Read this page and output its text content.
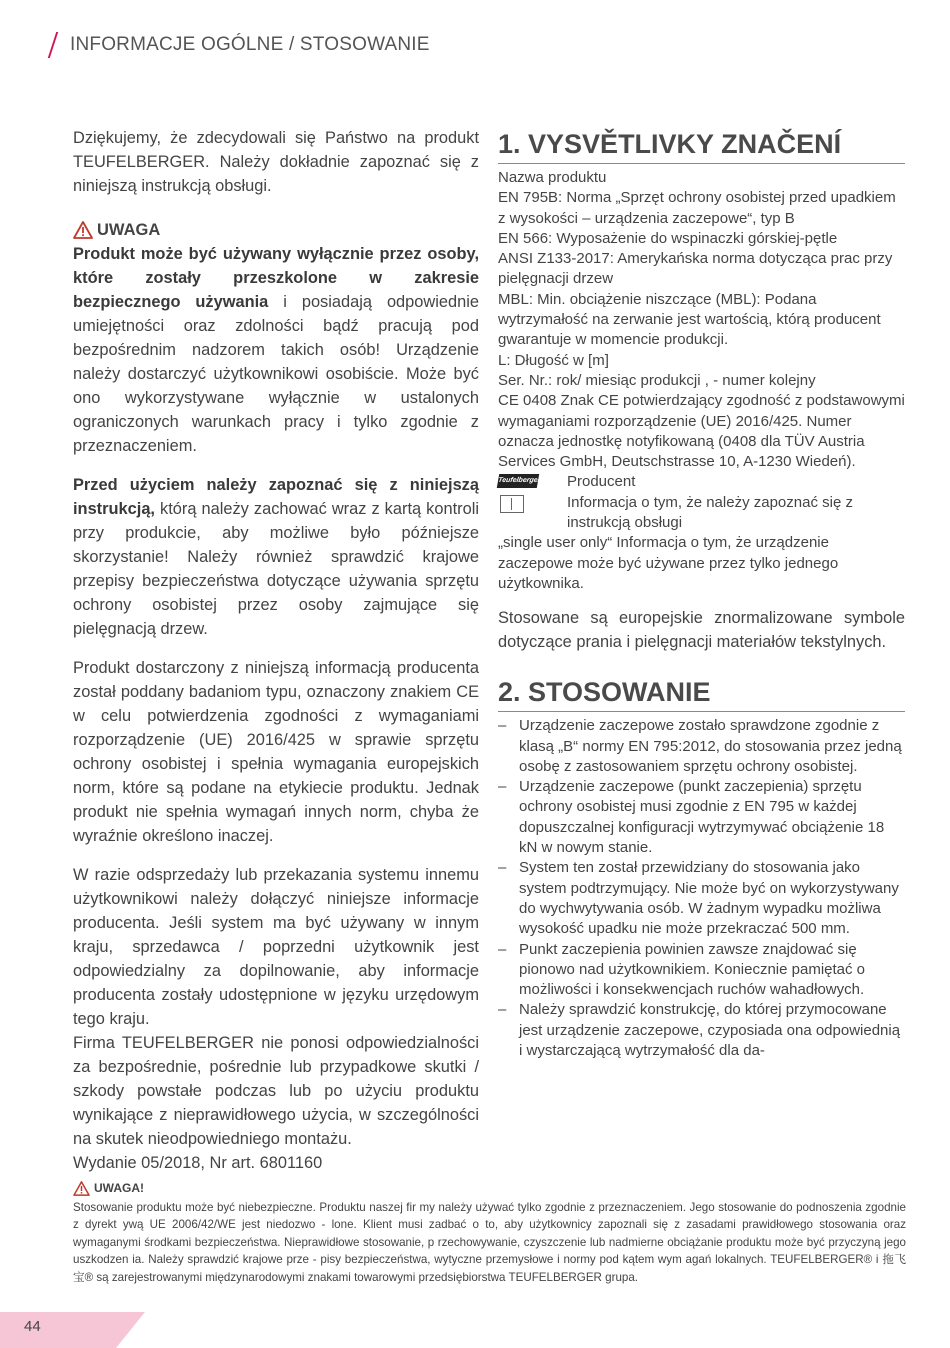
INFORMACJE OGÓLNE / STOSOWANIE

Dziękujemy, że zdecydowali się Państwo na produkt TEUFELBERGER. Należy dokładnie zapoznać się z niniejszą instrukcją obsługi.

UWAGA

Produkt może być używany wyłącznie przez osoby, które zostały przeszkolone w zakresie bezpiecznego używania i posiadają odpowiednie umiejętności oraz zdolności bądź pracują pod bezpośrednim nadzorem takich osób! Urządzenie należy dostarczyć użytkownikowi osobiście. Może być ono wykorzystywane wyłącznie w ustalonych ograniczonych warunkach pracy i tylko zgodnie z przeznaczeniem.

Przed użyciem należy zapoznać się z niniejszą instrukcją, którą należy zachować wraz z kartą kontroli przy produkcie, aby możliwe było późniejsze skorzystanie! Należy również sprawdzić krajowe przepisy bezpieczeństwa dotyczące używania sprzętu ochrony osobistej przez osoby zajmujące się pielęgnacją drzew.

Produkt dostarczony z niniejszą informacją producenta został poddany badaniom typu, oznaczony znakiem CE w celu potwierdzenia zgodności z wymaganiami rozporządzenie (UE) 2016/425 w sprawie sprzętu ochrony osobistej i spełnia wymagania europejskich norm, które są podane na etykiecie produktu. Jednak produkt nie spełnia wymagań innych norm, chyba że wyraźnie określono inaczej.

W razie odsprzedaży lub przekazania systemu innemu użytkownikowi należy dołączyć niniejsze informacje producenta. Jeśli system ma być używany w innym kraju, sprzedawca / poprzedni użytkownik jest odpowiedzialny za dopilnowanie, aby informacje producenta zostały udostępnione w języku urzędowym tego kraju.

Firma TEUFELBERGER nie ponosi odpowiedzialności za bezpośrednie, pośrednie lub przypadkowe skutki / szkody powstałe podczas lub po użyciu produktu wynikające z nieprawidłowego użycia, w szczególności na skutek nieodpowiedniego montażu.

Wydanie 05/2018, Nr art. 6801160

1. VYSVĚTLIVKY ZNAČENÍ
Nazwa produktu
EN 795B: Norma „Sprzęt ochrony osobistej przed upadkiem z wysokości – urządzenia zaczepowe“, typ B
EN 566: Wyposażenie do wspinaczki górskiej-pętle
ANSI Z133-2017: Amerykańska norma dotycząca prac przy pielęgnacji drzew
MBL: Min. obciążenie niszczące (MBL): Podana wytrzymałość na zerwanie jest wartością, którą producent gwarantuje w momencie produkcji.
L: Długość w [m]
Ser. Nr.: rok/ miesiąc produkcji , - numer kolejny
CE 0408 Znak CE potwierdzający zgodność z podstawowymi wymaganiami rozporządzenie (UE) 2016/425. Numer oznacza jednostkę notyfikowaną (0408 dla TÜV Austria Services GmbH, Deutschstrasse 10, A-1230 Wiedeń).
Teufelberger	Producent
Informacja o tym, że należy zapoznać się z instrukcją obsługi
„single user only“ Informacja o tym, że urządzenie zaczepowe może być używane przez tylko jednego użytkownika.

Stosowane są europejskie znormalizowane symbole dotyczące prania i pielęgnacji materiałów tekstylnych.

2. STOSOWANIE
– Urządzenie zaczepowe zostało sprawdzone zgodnie z klasą „B“ normy EN 795:2012, do stosowania przez jedną osobę z zastosowaniem sprzętu ochrony osobistej.
– Urządzenie zaczepowe (punkt zaczepienia) sprzętu ochrony osobistej musi zgodnie z EN 795 w każdej dopuszczalnej konfiguracji wytrzymywać obciążenie 18 kN w nowym stanie.
– System ten został przewidziany do stosowania jako system podtrzymujący. Nie może być on wykorzystywany do wychwytywania osób. W żadnym wypadku możliwa wysokość upadku nie może przekraczać 500 mm.
– Punkt zaczepienia powinien zawsze znajdować się pionowo nad użytkownikiem. Koniecznie pamiętać o możliwości i konsekwencjach ruchów wahadłowych.
– Należy sprawdzić konstrukcję, do której przymocowane jest urządzenie zaczepowe, czyposiada ona odpowiednią i wystarczającą wytrzymałość dla da-
UWAGA!

Stosowanie produktu może być niebezpieczne. Produktu naszej fir my należy używać tylko zgodnie z przeznaczeniem. Jego stosowanie do podnoszenia zgodnie z dyrekt ywą UE 2006/42/WE jest niedozwo - lone. Klient musi zadbać o to, aby użytkownicy zapoznali się z zasadami prawidłowego stosowania oraz wymaganymi środkami bezpieczeństwa. Nieprawidłowe stosowanie, p rzechowywanie, czyszczenie lub nadmierne obciążanie produktu może być przyczyną jego uszkodzen ia. Należy sprawdzić krajowe prze - pisy bezpieczeństwa, wytyczne przemysłowe i normy pod kątem wym agań lokalnych. TEUFELBERGER® i 拖飞宝® są zarejestrowanymi międzynarodowymi znakami towarowymi przedsiębiorstwa TEUFELBERGER grupa.

44
